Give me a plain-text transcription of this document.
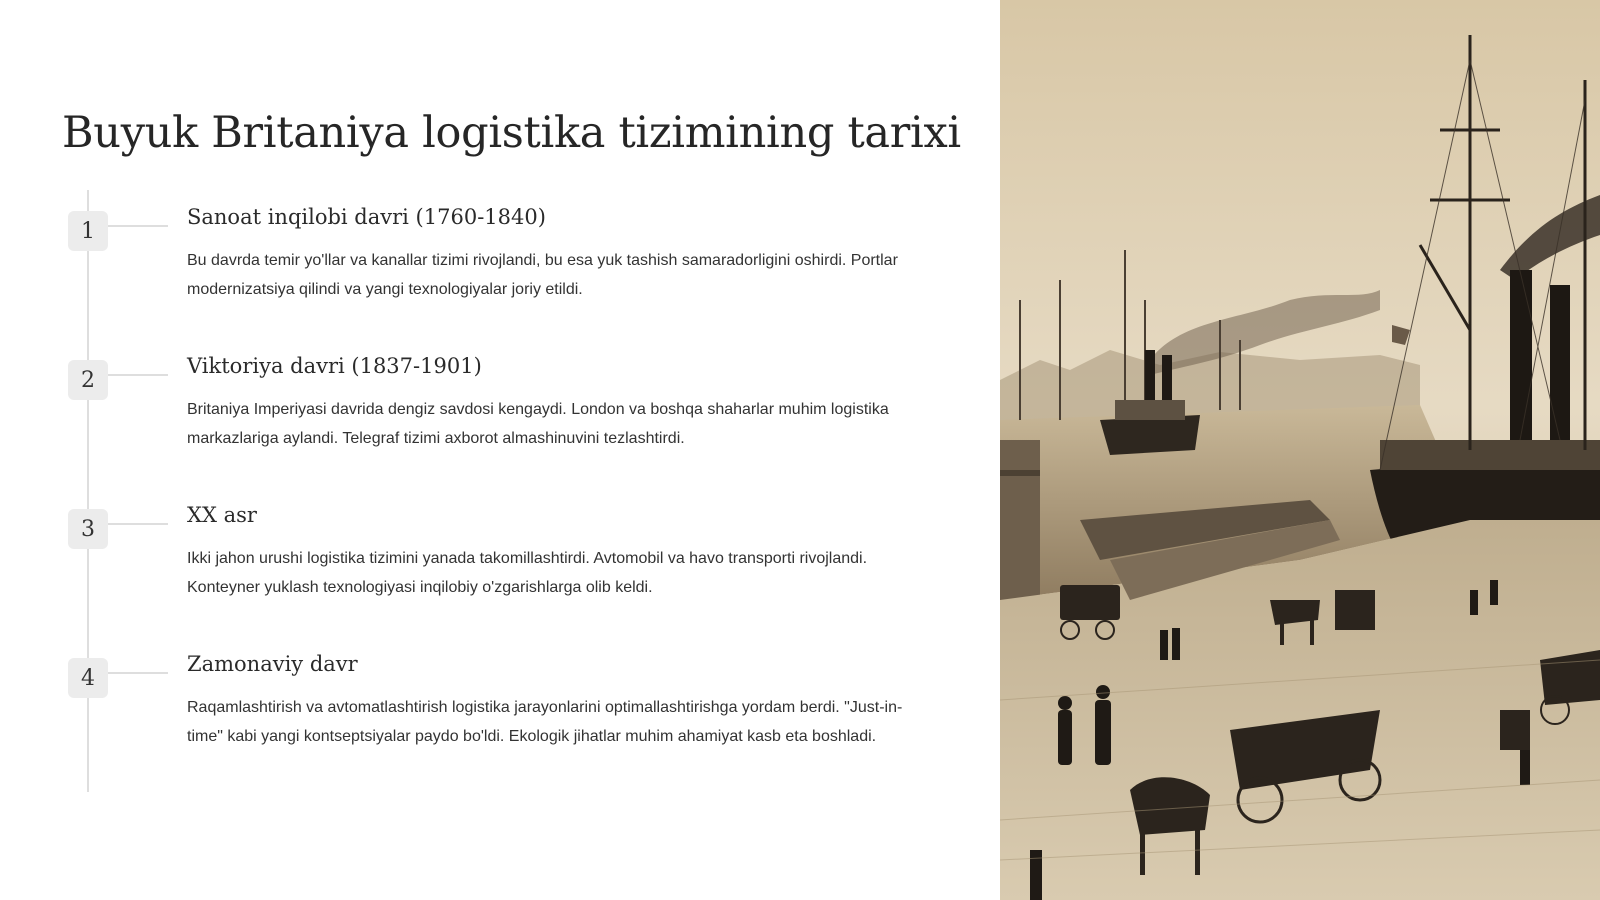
Buyuk Britaniya logistika tizimining tarixi
1
Sanoat inqilobi davri (1760-1840)
Bu davrda temir yo'llar va kanallar tizimi rivojlandi, bu esa yuk tashish samaradorligini oshirdi. Portlar modernizatsiya qilindi va yangi texnologiyalar joriy etildi.
2
Viktoriya davri (1837-1901)
Britaniya Imperiyasi davrida dengiz savdosi kengaydi. London va boshqa shaharlar muhim logistika markazlariga aylandi. Telegraf tizimi axborot almashinuvini tezlashtirdi.
3
XX asr
Ikki jahon urushi logistika tizimini yanada takomillashtirdi. Avtomobil va havo transporti rivojlandi. Konteyner yuklash texnologiyasi inqilobiy o'zgarishlarga olib keldi.
4
Zamonaviy davr
Raqamlashtirish va avtomatlashtirish logistika jarayonlarini optimallashtirishga yordam berdi. "Just-in-time" kabi yangi kontseptsiyalar paydo bo'ldi. Ekologik jihatlar muhim ahamiyat kasb eta boshladi.
